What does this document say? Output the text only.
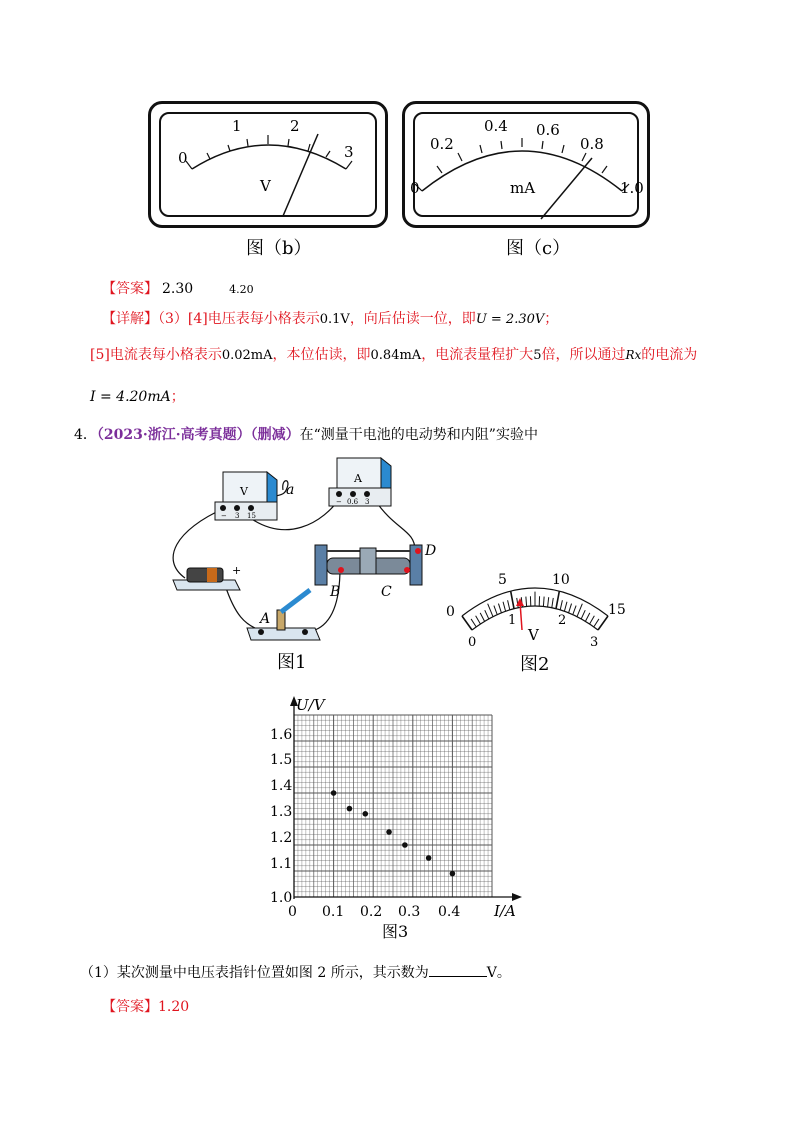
0
1	2
3
V
图（b）
0
0.2
0.4 0.6
0.8
1.0
mA
图（c）
【答案】 2.30	4.20
【详解】（3）[4]电压表每小格表示0.1V，向后估读一位，即U = 2.30V；
[5]电流表每小格表示0.02mA，本位估读，即0.84mA，电流表量程扩大5倍，所以通过Rx的电流为
I = 4.20mA；
4．（2023·浙江·高考真题）（删减）在“测量干电池的电动势和内阻”实验中
V
− 3 15
A
− 0.6 3
a
D
B	C
+
A
图1
0
5	10
15
0
1	2
3
V
图2
U/V
I/A
1.6
1.5
1.4
1.3
1.2
1.1
1.0
0 0.1 0.2 0.3 0.4
图3
（1）某次测量中电压表指针位置如图 2 所示，其示数为	V。
【答案】1.20
